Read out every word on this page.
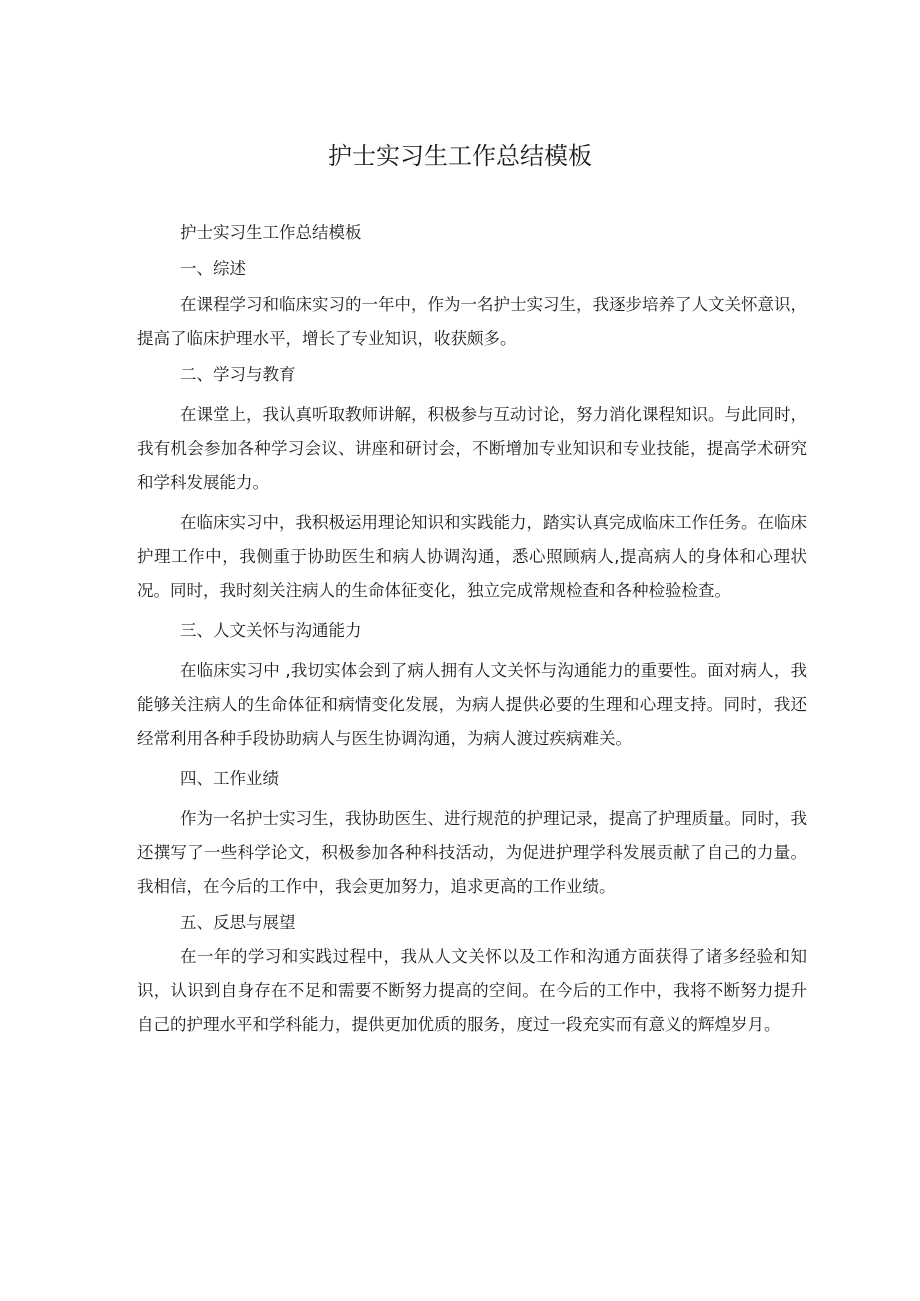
护士实习生工作总结模板

护士实习生工作总结模板

一、综述

在课程学习和临床实习的一年中，作为一名护士实习生，我逐步培养了人文关怀意识，提高了临床护理水平，增长了专业知识，收获颇多。

二、学习与教育

在课堂上，我认真听取教师讲解，积极参与互动讨论，努力消化课程知识。与此同时，我有机会参加各种学习会议、讲座和研讨会，不断增加专业知识和专业技能，提高学术研究和学科发展能力。

在临床实习中，我积极运用理论知识和实践能力，踏实认真完成临床工作任务。在临床护理工作中，我侧重于协助医生和病人协调沟通，悉心照顾病人,提高病人的身体和心理状况。同时，我时刻关注病人的生命体征变化，独立完成常规检查和各种检验检查。

三、人文关怀与沟通能力

在临床实习中 ,我切实体会到了病人拥有人文关怀与沟通能力的重要性。面对病人，我能够关注病人的生命体征和病情变化发展，为病人提供必要的生理和心理支持。同时，我还经常利用各种手段协助病人与医生协调沟通，为病人渡过疾病难关。

四、工作业绩

作为一名护士实习生，我协助医生、进行规范的护理记录，提高了护理质量。同时，我还撰写了一些科学论文，积极参加各种科技活动，为促进护理学科发展贡献了自己的力量。我相信，在今后的工作中，我会更加努力，追求更高的工作业绩。

五、反思与展望

在一年的学习和实践过程中，我从人文关怀以及工作和沟通方面获得了诸多经验和知识，认识到自身存在不足和需要不断努力提高的空间。在今后的工作中，我将不断努力提升自己的护理水平和学科能力，提供更加优质的服务，度过一段充实而有意义的辉煌岁月。
